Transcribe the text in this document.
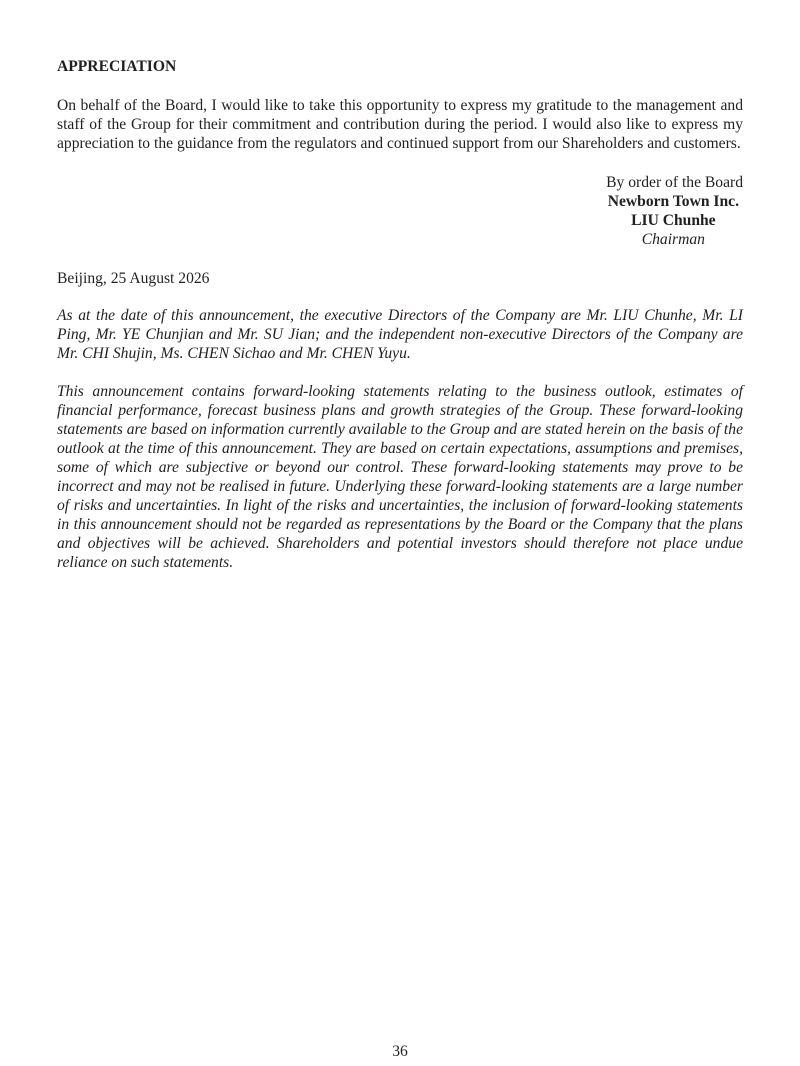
APPRECIATION

On behalf of the Board, I would like to take this opportunity to express my gratitude to the management and staff of the Group for their commitment and contribution during the period. I would also like to express my appreciation to the guidance from the regulators and continued support from our Shareholders and customers.

By order of the Board
Newborn Town Inc.
LIU Chunhe
Chairman
Beijing, 25 August 2026

As at the date of this announcement, the executive Directors of the Company are Mr. LIU Chunhe, Mr. LI Ping, Mr. YE Chunjian and Mr. SU Jian; and the independent non-executive Directors of the Company are Mr. CHI Shujin, Ms. CHEN Sichao and Mr. CHEN Yuyu.

This announcement contains forward-looking statements relating to the business outlook, estimates of financial performance, forecast business plans and growth strategies of the Group. These forward-looking statements are based on information currently available to the Group and are stated herein on the basis of the outlook at the time of this announcement. They are based on certain expectations, assumptions and premises, some of which are subjective or beyond our control. These forward-looking statements may prove to be incorrect and may not be realised in future. Underlying these forward-looking statements are a large number of risks and uncertainties. In light of the risks and uncertainties, the inclusion of forward-looking statements in this announcement should not be regarded as representations by the Board or the Company that the plans and objectives will be achieved. Shareholders and potential investors should therefore not place undue reliance on such statements.

36
